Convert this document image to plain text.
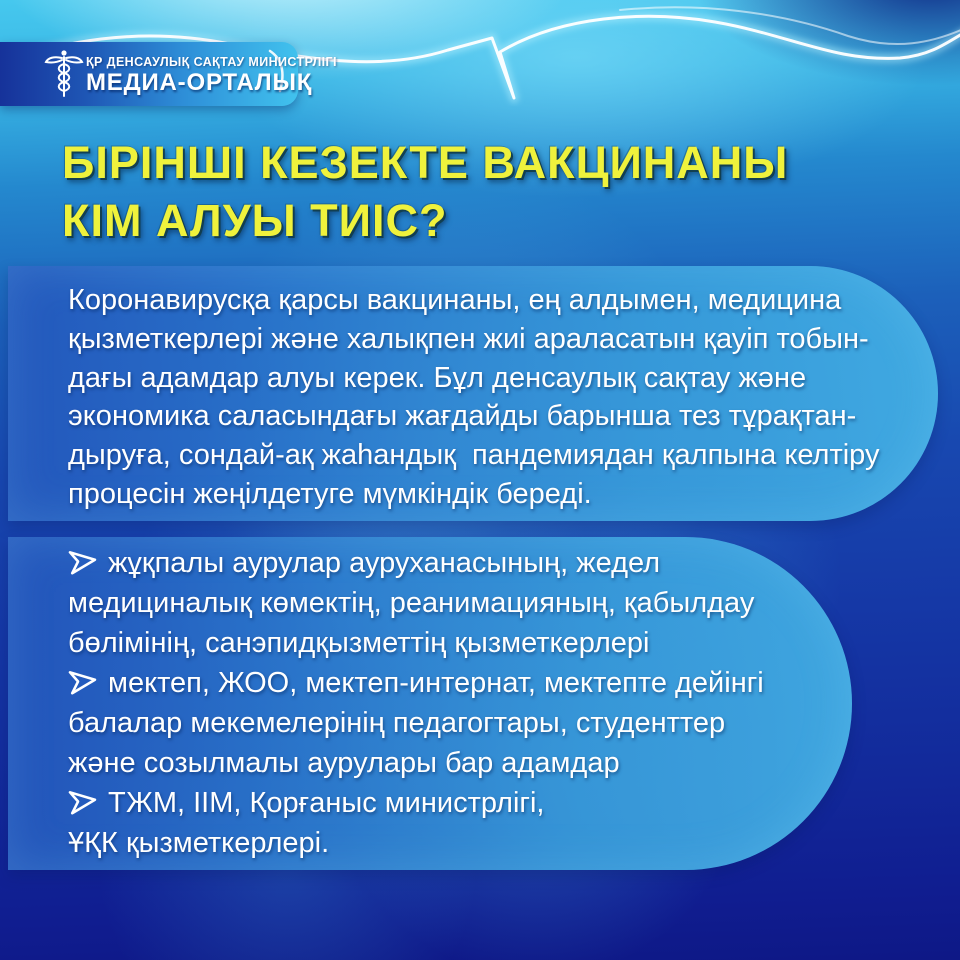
ҚР ДЕНСАУЛЫҚ САҚТАУ МИНИСТРЛІГІ
МЕДИА-ОРТАЛЫҚ
БІРІНШІ КЕЗЕКТЕ ВАКЦИНАНЫ
КІМ АЛУЫ ТИІС?
Коронавирусқа қарсы вакцинаны, ең алдымен, медицина
қызметкерлері және халықпен жиі араласатын қауіп тобын-
дағы адамдар алуы керек. Бұл денсаулық сақтау және
экономика саласындағы жағдайды барынша тез тұрақтан-
дыруға, сондай-ақ жаһандық  пандемиядан қалпына келтіру
процесін жеңілдетуге мүмкіндік береді.
жұқпалы аурулар ауруханасының, жедел
медициналық көмектің, реанимацияның, қабылдау
бөлімінің, санэпидқызметтің қызметкерлері
мектеп, ЖОО, мектеп-интернат, мектепте дейінгі
балалар мекемелерінің педагогтары, студенттер
және созылмалы аурулары бар адамдар
ТЖМ, ІІМ, Қорғаныс министрлігі,
ҰҚК қызметкерлері.
